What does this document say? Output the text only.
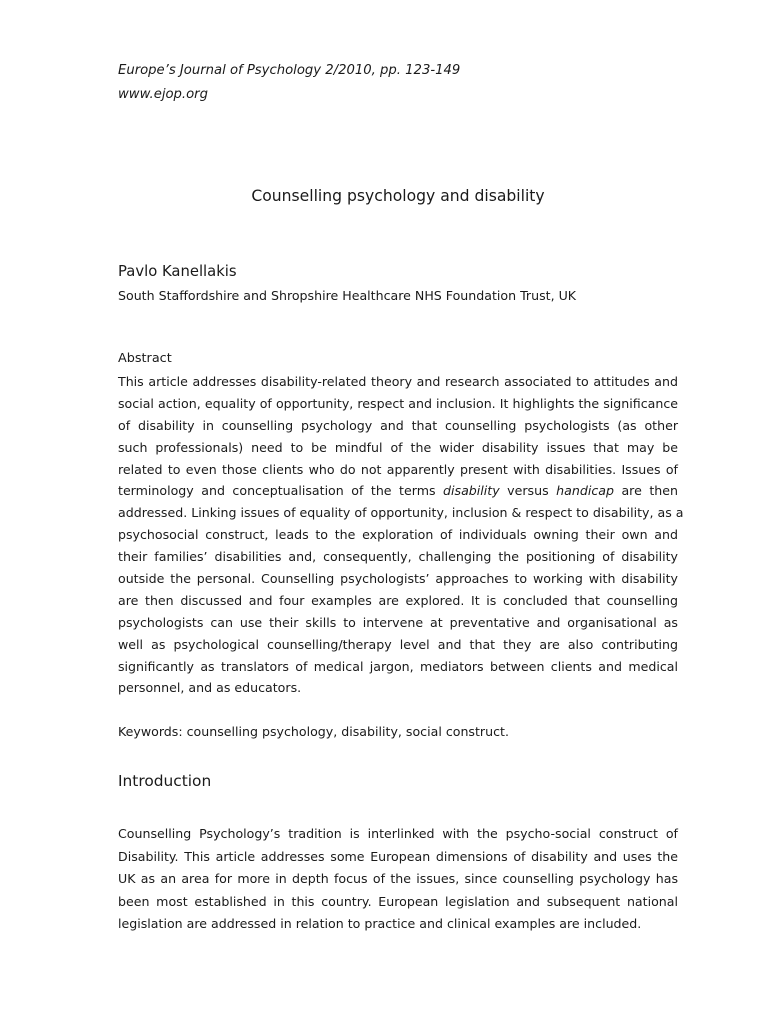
Europe’s Journal of Psychology 2/2010, pp. 123-149
www.ejop.org
Counselling psychology and disability
Pavlo Kanellakis
South Staffordshire and Shropshire Healthcare NHS Foundation Trust, UK
Abstract
This article addresses disability-related theory and research associated to attitudes and
social action, equality of opportunity, respect and inclusion. It highlights the significance
of disability in counselling psychology and that counselling psychologists (as other
such professionals) need to be mindful of the wider disability issues that may be
related to even those clients who do not apparently present with disabilities. Issues of
terminology and conceptualisation of the terms disability versus handicap are then
addressed. Linking issues of equality of opportunity, inclusion & respect to disability, as a
psychosocial construct, leads to the exploration of individuals owning their own and
their families’ disabilities and, consequently, challenging the positioning of disability
outside the personal. Counselling psychologists’ approaches to working with disability
are then discussed and four examples are explored. It is concluded that counselling
psychologists can use their skills to intervene at preventative and organisational as
well as psychological counselling/therapy level and that they are also contributing
significantly as translators of medical jargon, mediators between clients and medical
personnel, and as educators.
Keywords: counselling psychology, disability, social construct.
Introduction
Counselling Psychology’s tradition is interlinked with the psycho-social construct of
Disability. This article addresses some European dimensions of disability and uses the
UK as an area for more in depth focus of the issues, since counselling psychology has
been most established in this country. European legislation and subsequent national
legislation are addressed in relation to practice and clinical examples are included.
